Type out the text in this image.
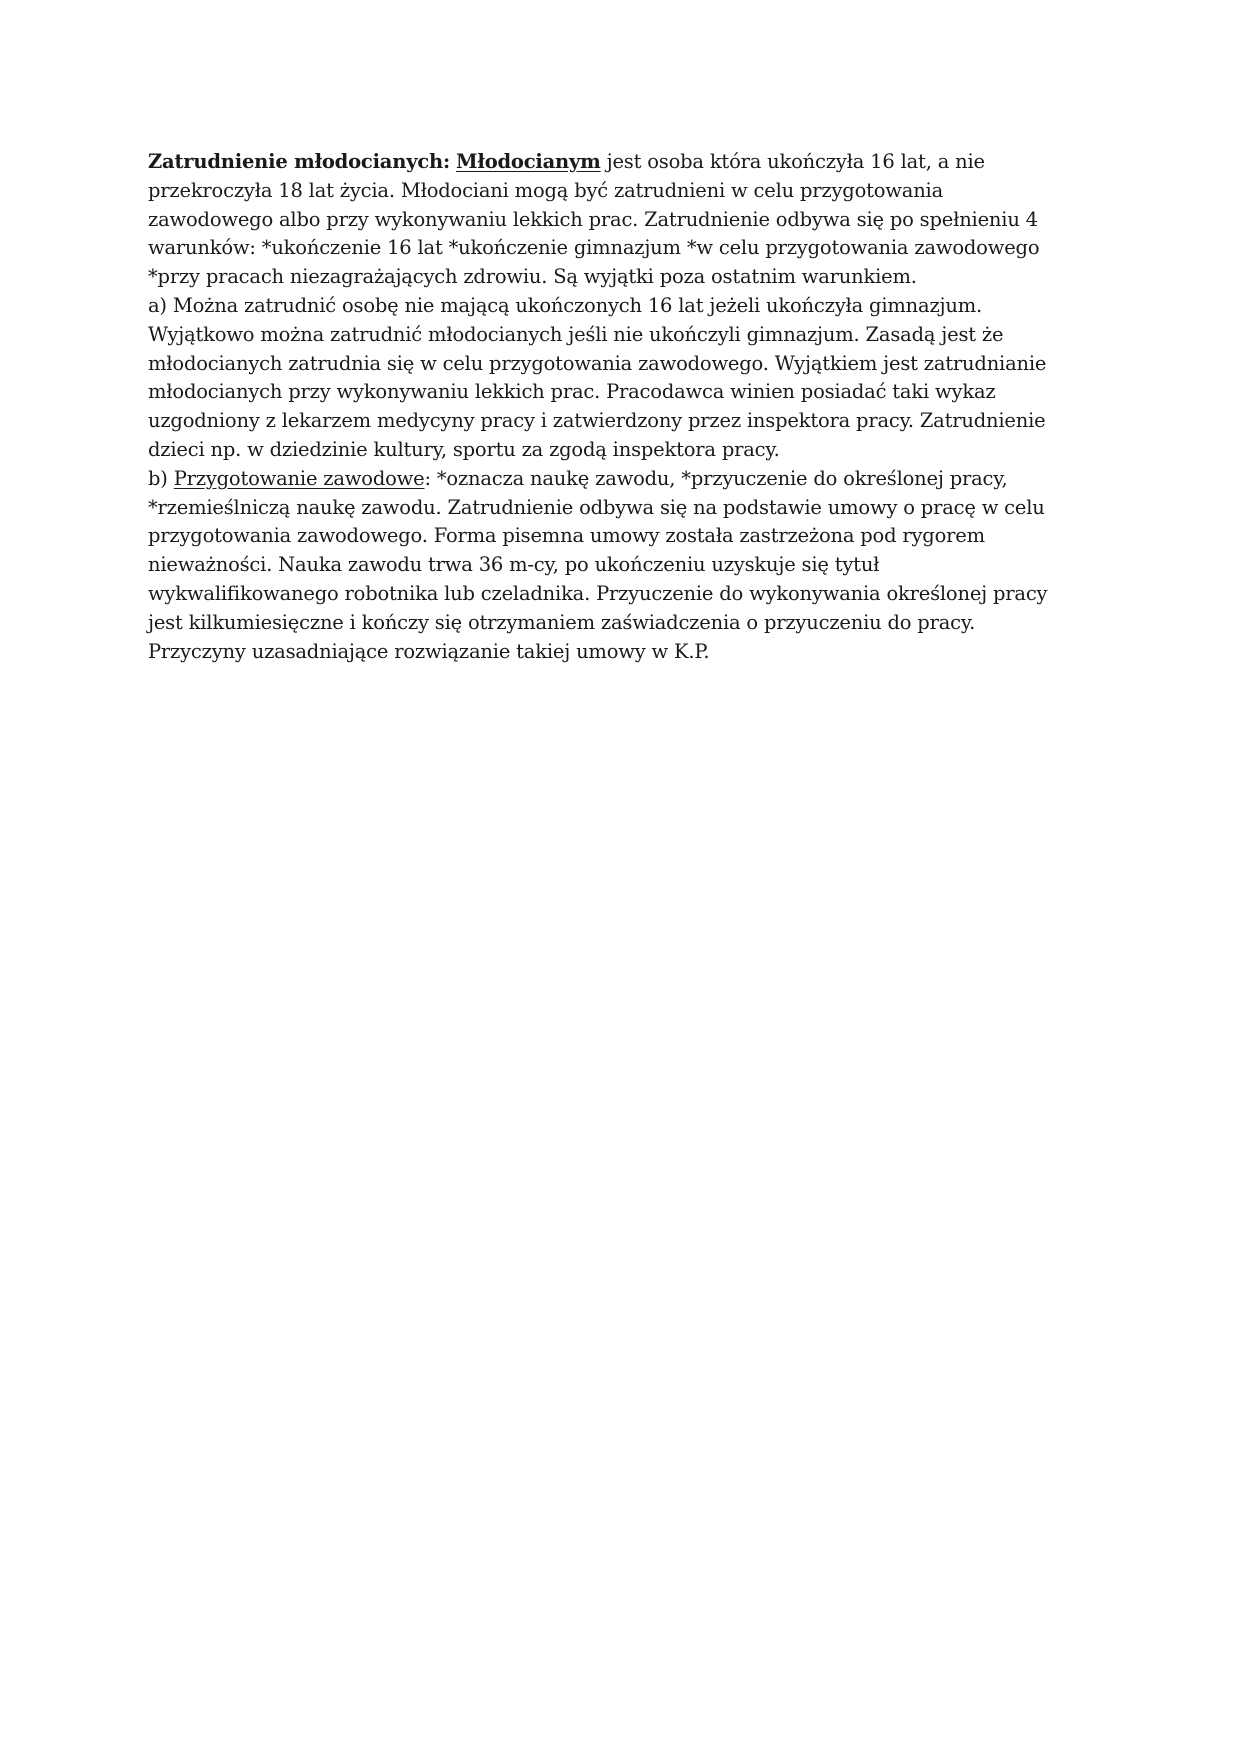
Zatrudnienie młodocianych: Młodocianym jest osoba która ukończyła 16 lat, a nie
przekroczyła 18 lat życia. Młodociani mogą być zatrudnieni w celu przygotowania
zawodowego albo przy wykonywaniu lekkich prac. Zatrudnienie odbywa się po spełnieniu 4
warunków: *ukończenie 16 lat *ukończenie gimnazjum *w celu przygotowania zawodowego
*przy pracach niezagrażających zdrowiu. Są wyjątki poza ostatnim warunkiem.
a) Można zatrudnić osobę nie mającą ukończonych 16 lat jeżeli ukończyła gimnazjum.
Wyjątkowo można zatrudnić młodocianych jeśli nie ukończyli gimnazjum. Zasadą jest że
młodocianych zatrudnia się w celu przygotowania zawodowego. Wyjątkiem jest zatrudnianie
młodocianych przy wykonywaniu lekkich prac. Pracodawca winien posiadać taki wykaz
uzgodniony z lekarzem medycyny pracy i zatwierdzony przez inspektora pracy. Zatrudnienie
dzieci np. w dziedzinie kultury, sportu za zgodą inspektora pracy.
b) Przygotowanie zawodowe: *oznacza naukę zawodu, *przyuczenie do określonej pracy,
*rzemieślniczą naukę zawodu. Zatrudnienie odbywa się na podstawie umowy o pracę w celu
przygotowania zawodowego. Forma pisemna umowy została zastrzeżona pod rygorem
nieważności. Nauka zawodu trwa 36 m-cy, po ukończeniu uzyskuje się tytuł
wykwalifikowanego robotnika lub czeladnika. Przyuczenie do wykonywania określonej pracy
jest kilkumiesięczne i kończy się otrzymaniem zaświadczenia o przyuczeniu do pracy.
Przyczyny uzasadniające rozwiązanie takiej umowy w K.P.
